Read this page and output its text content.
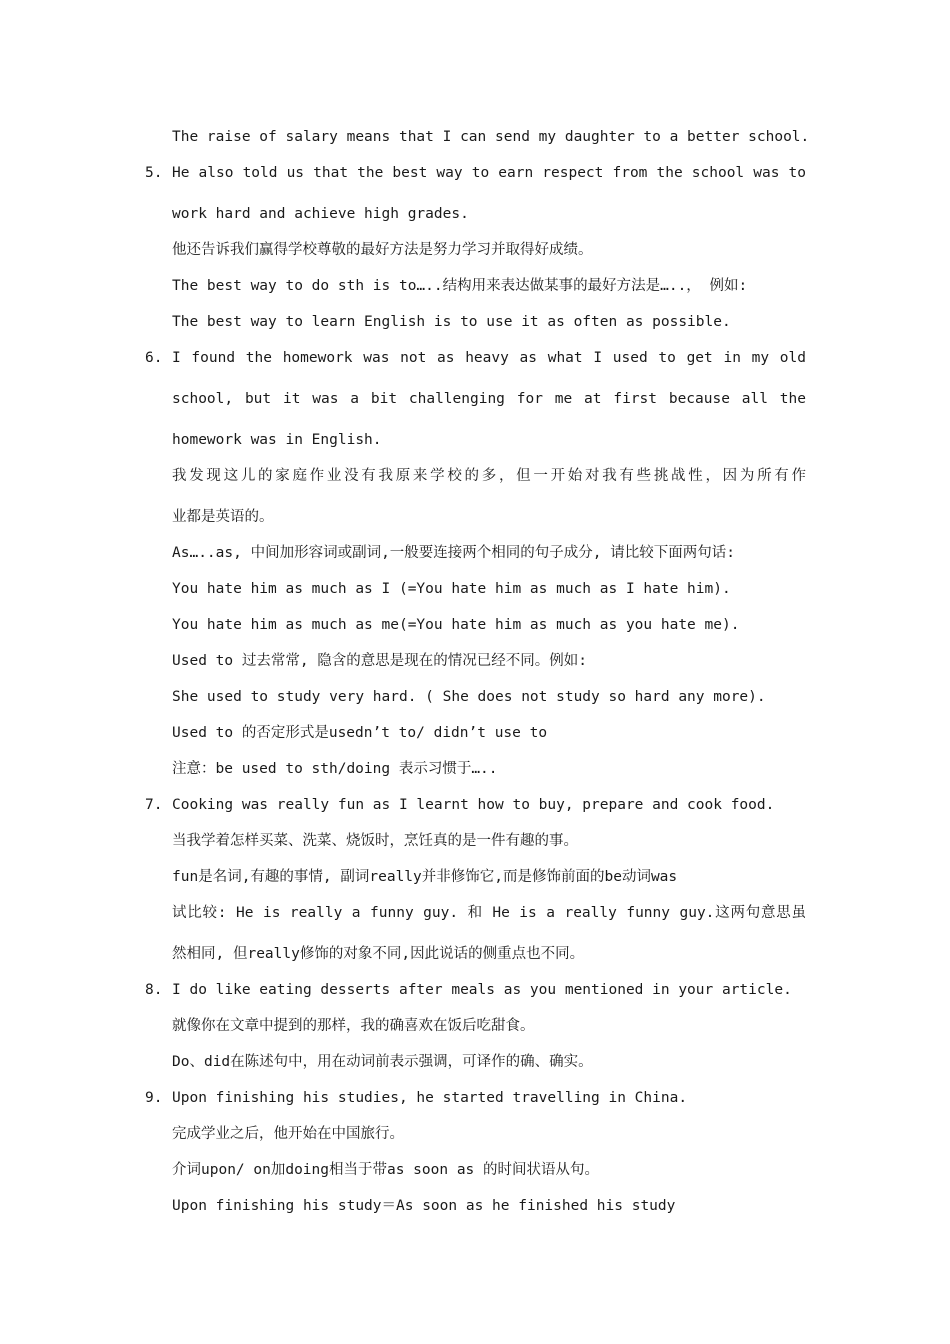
The raise of salary means that I can send my daughter to a better school.
5. He also told us that the best way to earn respect from the school was to
work hard and achieve high grades.
他还告诉我们赢得学校尊敬的最好方法是努力学习并取得好成绩。
The best way to do sth is to…..结构用来表达做某事的最好方法是…..， 例如:
The best way to learn English is to use it as often as possible.
6. I found the homework was not as heavy as what I used to get in my old
school, but it was a bit challenging for me at first because all the
homework was in English.
我发现这儿的家庭作业没有我原来学校的多，但一开始对我有些挑战性，因为所有作
业都是英语的。
As…..as, 中间加形容词或副词,一般要连接两个相同的句子成分, 请比较下面两句话:
You hate him as much as I (=You hate him as much as I hate him).
You hate him as much as me(=You hate him as much as you hate me).
Used to 过去常常, 隐含的意思是现在的情况已经不同。例如:
She used to study very hard. ( She does not study so hard any more).
Used to 的否定形式是usedn’t to/ didn’t use to
注意：be used to sth/doing 表示习惯于…..
7. Cooking was really fun as I learnt how to buy, prepare and cook food.
当我学着怎样买菜、洗菜、烧饭时，烹饪真的是一件有趣的事。
fun是名词,有趣的事情, 副词really并非修饰它,而是修饰前面的be动词was
试比较: He is really a funny guy. 和 He is a really funny guy.这两句意思虽
然相同, 但really修饰的对象不同,因此说话的侧重点也不同。
8. I do like eating desserts after meals as you mentioned in your article.
就像你在文章中提到的那样，我的确喜欢在饭后吃甜食。
Do、did在陈述句中，用在动词前表示强调，可译作的确、确实。
9. Upon finishing his studies, he started travelling in China.
完成学业之后，他开始在中国旅行。
介词upon/ on加doing相当于带as soon as 的时间状语从句。
Upon finishing his study＝As soon as he finished his study
